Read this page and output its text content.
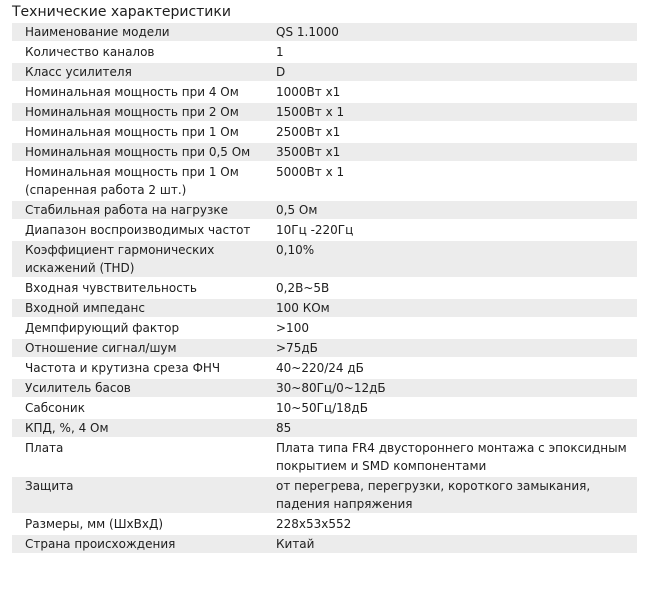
Технические характеристики
Наименование модели	QS 1.1000
Количество каналов	1
Класс усилителя	D
Номинальная мощность при 4 Ом	1000Вт x1
Номинальная мощность при 2 Ом	1500Вт x 1
Номинальная мощность при 1 Ом	2500Вт x1
Номинальная мощность при 0,5 Ом	3500Вт x1
Номинальная мощность при 1 Ом (спаренная работа 2 шт.)	5000Вт x 1
Стабильная работа на нагрузке	0,5 Ом
Диапазон воспроизводимых частот	10Гц -220Гц
Коэффициент гармонических искажений (THD)	0,10%
Входная чувствительность	0,2В~5В
Входной импеданс	100 КОм
Демпфирующий фактор	>100
Отношение сигнал/шум	>75дБ
Частота и крутизна среза ФНЧ	40~220/24 дБ
Усилитель басов	30~80Гц/0~12дБ
Сабсоник	10~50Гц/18дБ
КПД, %, 4 Ом	85
Плата	Плата типа FR4 двустороннего монтажа с эпоксидным покрытием и SMD компонентами
Защита	от перегрева, перегрузки, короткого замыкания, падения напряжения
Размеры, мм (ШхВхД)	228x53x552
Страна происхождения	Китай
